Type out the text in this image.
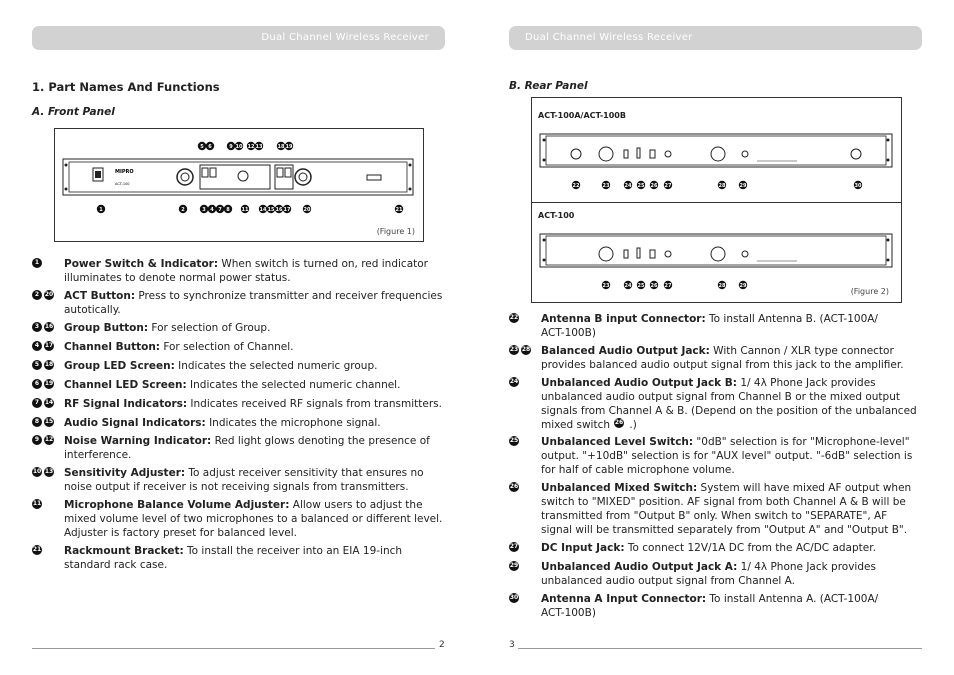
Dual Channel Wireless Receiver	Dual Channel Wireless Receiver
1. Part Names And Functions
A. Front Panel
MIPRO
ACT-100
5 6	9 10 12 13	18 19
1	2	3 4 7 8 11 14 15 16 17	20	21
(Figure 1)
1	Power Switch & Indicator: When switch is turned on, red indicator
illuminates to denote normal power status.
2 20 ACT Button: Press to synchronize transmitter and receiver frequencies
autotically.
3 16 Group Button: For selection of Group.
4 17 Channel Button: For selection of Channel.
5 18 Group LED Screen: Indicates the selected numeric group.
6 19 Channel LED Screen: Indicates the selected numeric channel.
7 14 RF Signal Indicators: Indicates received RF signals from transmitters.
8 15 Audio Signal Indicators: Indicates the microphone signal.
9 12 Noise Warning Indicator: Red light glows denoting the presence of
interference.
10 13 Sensitivity Adjuster: To adjust receiver sensitivity that ensures no
noise output if receiver is not receiving signals from transmitters.
11 Microphone Balance Volume Adjuster: Allow users to adjust the
mixed volume level of two microphones to a balanced or different level.
Adjuster is factory preset for balanced level.
21 Rackmount Bracket: To install the receiver into an EIA 19-inch
standard rack case.
B. Rear Panel
ACT-100A/ACT-100B
ACT-100
22	23	24 25 26 27	28	29	30
23	24 25 26 27	28	29
(Figure 2)
22 Antenna B input Connector: To install Antenna B. (ACT-100A/
ACT-100B)
23 28 Balanced Audio Output Jack: With Cannon / XLR type connector
provides balanced audio output signal from this jack to the amplifier.
24 Unbalanced Audio Output Jack B: 1/ 4λ Phone Jack provides
unbalanced audio output signal from Channel B or the mixed output
signals from Channel A & B. (Depend on the position of the unbalanced
mixed switch 26 .)
25 Unbalanced Level Switch: "0dB" selection is for "Microphone-level"
output. "+10dB" selection is for "AUX level" output. "-6dB" selection is
for half of cable microphone volume.
26 Unbalanced Mixed Switch: System will have mixed AF output when
switch to "MIXED" position. AF signal from both Channel A & B will be
transmitted from "Output B" only. When switch to "SEPARATE", AF
signal will be transmitted separately from "Output A" and "Output B".
27 DC Input Jack: To connect 12V/1A DC from the AC/DC adapter.
29 Unbalanced Audio Output Jack A: 1/ 4λ Phone Jack provides
unbalanced audio output signal from Channel A.
30 Antenna A Input Connector: To install Antenna A. (ACT-100A/
ACT-100B)
2	3
